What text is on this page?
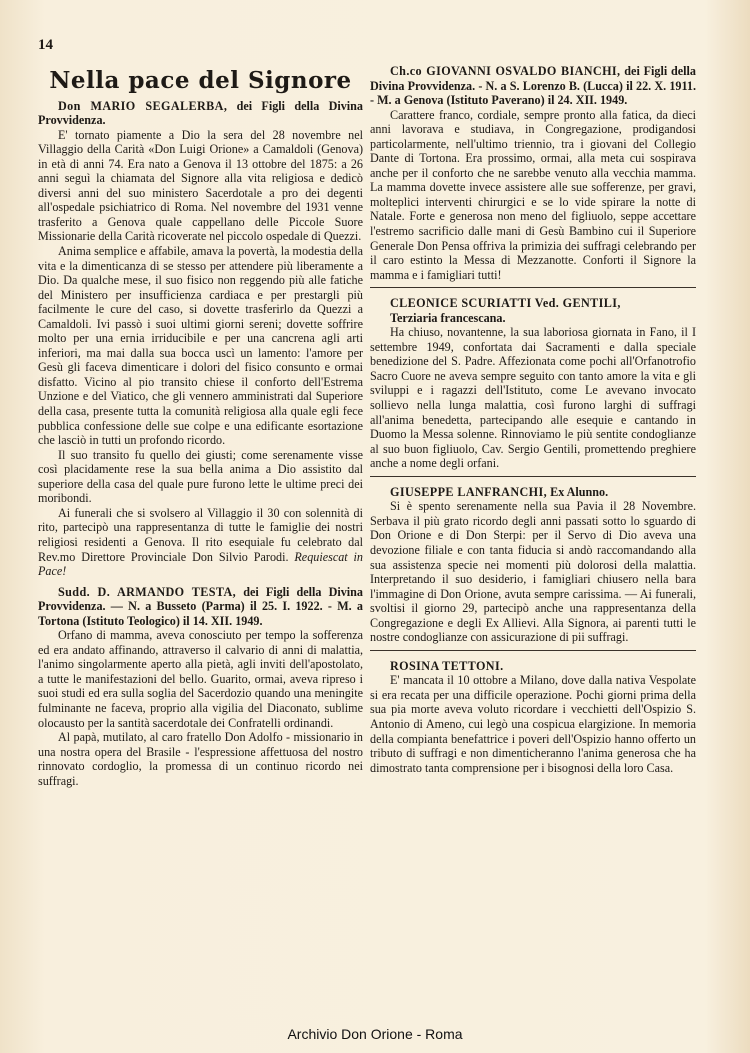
14
Nella pace del Signore

Don MARIO SEGALERBA, dei Figli della Divina Provvidenza.

E' tornato piamente a Dio la sera del 28 novembre nel Villaggio della Carità «Don Luigi Orione» a Camaldoli (Genova) in età di anni 74. Era nato a Genova il 13 ottobre del 1875: a 26 anni seguì la chiamata del Signore alla vita religiosa e dedicò diversi anni del suo ministero Sacerdotale a pro dei degenti all'ospedale psichiatrico di Roma. Nel novembre del 1931 venne trasferito a Genova quale cappellano delle Piccole Suore Missionarie della Carità ricoverate nel piccolo ospedale di Quezzi.

Anima semplice e affabile, amava la povertà, la modestia della vita e la dimenticanza di se stesso per attendere più liberamente a Dio. Da qualche mese, il suo fisico non reggendo più alle fatiche del Ministero per insufficienza cardiaca e per prestargli più facilmente le cure del caso, si dovette trasferirlo da Quezzi a Camaldoli. Ivi passò i suoi ultimi giorni sereni; dovette soffrire molto per una ernia irriducibile e per una cancrena agli arti inferiori, ma mai dalla sua bocca uscì un lamento: l'amore per Gesù gli faceva dimenticare i dolori del fisico consunto e ormai disfatto. Vicino al pio transito chiese il conforto dell'Estrema Unzione e del Viatico, che gli vennero amministrati dal Superiore della casa, presente tutta la comunità religiosa alla quale egli fece pubblica confessione delle sue colpe e una edificante esortazione che lasciò in tutti un profondo ricordo.

Il suo transito fu quello dei giusti; come serenamente visse così placidamente rese la sua bella anima a Dio assistito dal superiore della casa del quale pure furono lette le ultime preci dei moribondi.

Ai funerali che si svolsero al Villaggio il 30 con solennità di rito, partecipò una rappresentanza di tutte le famiglie dei nostri religiosi residenti a Genova. Il rito esequiale fu celebrato dal Rev.mo Direttore Provinciale Don Silvio Parodi. Requiescat in Pace!

Sudd. D. ARMANDO TESTA, dei Figli della Divina Provvidenza. — N. a Busseto (Parma) il 25. I. 1922. - M. a Tortona (Istituto Teologico) il 14. XII. 1949.

Orfano di mamma, aveva conosciuto per tempo la sofferenza ed era andato affinando, attraverso il calvario di anni di malattia, l'animo singolarmente aperto alla pietà, agli inviti dell'apostolato, a tutte le manifestazioni del bello. Guarito, ormai, aveva ripreso i suoi studi ed era sulla soglia del Sacerdozio quando una meningite fulminante ne faceva, proprio alla vigilia del Diaconato, sublime olocausto per la santità sacerdotale dei Confratelli ordinandi.

Al papà, mutilato, al caro fratello Don Adolfo - missionario in una nostra opera del Brasile - l'espressione affettuosa del nostro rinnovato cordoglio, la promessa di un continuo ricordo nei suffragi.

Ch.co GIOVANNI OSVALDO BIANCHI, dei Figli della Divina Provvidenza. - N. a S. Lorenzo B. (Lucca) il 22. X. 1911. - M. a Genova (Istituto Paverano) il 24. XII. 1949.

Carattere franco, cordiale, sempre pronto alla fatica, da dieci anni lavorava e studiava, in Congregazione, prodigandosi particolarmente, nell'ultimo triennio, tra i giovani del Collegio Dante di Tortona. Era prossimo, ormai, alla meta cui sospirava anche per il conforto che ne sarebbe venuto alla vecchia mamma. La mamma dovette invece assistere alle sue sofferenze, per gravi, molteplici interventi chirurgici e se lo vide spirare la notte di Natale. Forte e generosa non meno del figliuolo, seppe accettare l'estremo sacrificio dalle mani di Gesù Bambino cui il Superiore Generale Don Pensa offriva la primizia dei suffragi celebrando per il caro estinto la Messa di Mezzanotte. Conforti il Signore la mamma e i famigliari tutti!

CLEONICE SCURIATTI Ved. GENTILI,

Terziaria francescana.

Ha chiuso, novantenne, la sua laboriosa giornata in Fano, il I settembre 1949, confortata dai Sacramenti e dalla speciale benedizione del S. Padre. Affezionata come pochi all'Orfanotrofio Sacro Cuore ne aveva sempre seguito con tanto amore la vita e gli sviluppi e i ragazzi dell'Istituto, come Le avevano invocato sollievo nella lunga malattia, così furono larghi di suffragi all'anima benedetta, partecipando alle esequie e cantando in Duomo la Messa solenne. Rinnoviamo le più sentite condoglianze al suo buon figliuolo, Cav. Sergio Gentili, promettendo preghiere anche a nome degli orfani.

GIUSEPPE LANFRANCHI, Ex Alunno.

Si è spento serenamente nella sua Pavia il 28 Novembre. Serbava il più grato ricordo degli anni passati sotto lo sguardo di Don Orione e di Don Sterpi: per il Servo di Dio aveva una devozione filiale e con tanta fiducia si andò raccomandando alla sua assistenza specie nei momenti più dolorosi della malattia. Interpretando il suo desiderio, i famigliari chiusero nella bara l'immagine di Don Orione, avuta sempre carissima. — Ai funerali, svoltisi il giorno 29, partecipò anche una rappresentanza della Congregazione e degli Ex Allievi. Alla Signora, ai parenti tutti le nostre condoglianze con assicurazione di pii suffragi.

ROSINA TETTONI.

E' mancata il 10 ottobre a Milano, dove dalla nativa Vespolate si era recata per una difficile operazione. Pochi giorni prima della sua pia morte aveva voluto ricordare i vecchietti dell'Ospizio S. Antonio di Ameno, cui legò una cospicua elargizione. In memoria della compianta benefattrice i poveri dell'Ospizio hanno offerto un tributo di suffragi e non dimenticheranno l'anima generosa che ha dimostrato tanta comprensione per i bisognosi della loro Casa.

Archivio Don Orione - Roma
